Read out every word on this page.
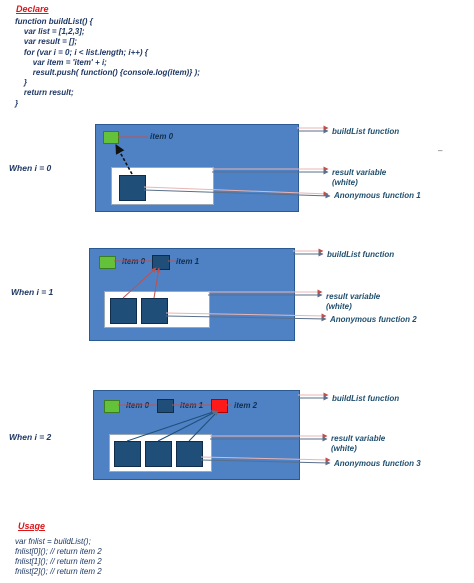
Declare
function buildList() {
var list = [1,2,3];
var result = [];
for (var i = 0; i < list.length; i++) {
var item = 'item' + i;
result.push( function() {console.log(item)} );
}
return result;
}
–
When i = 0
item 0
buildList function
result variable
(white)
Anonymous function 1
When i = 1
item 0	item 1
buildList function
result variable
(white)
Anonymous function 2
When i = 2
item 0	item 1	item 2
buildList function
result variable
(white)
Anonymous function 3
Usage
var fnlist = buildList();
fnlist[0](); // return item 2
fnlist[1](); // return item 2
fnlist[2](); // return item 2
